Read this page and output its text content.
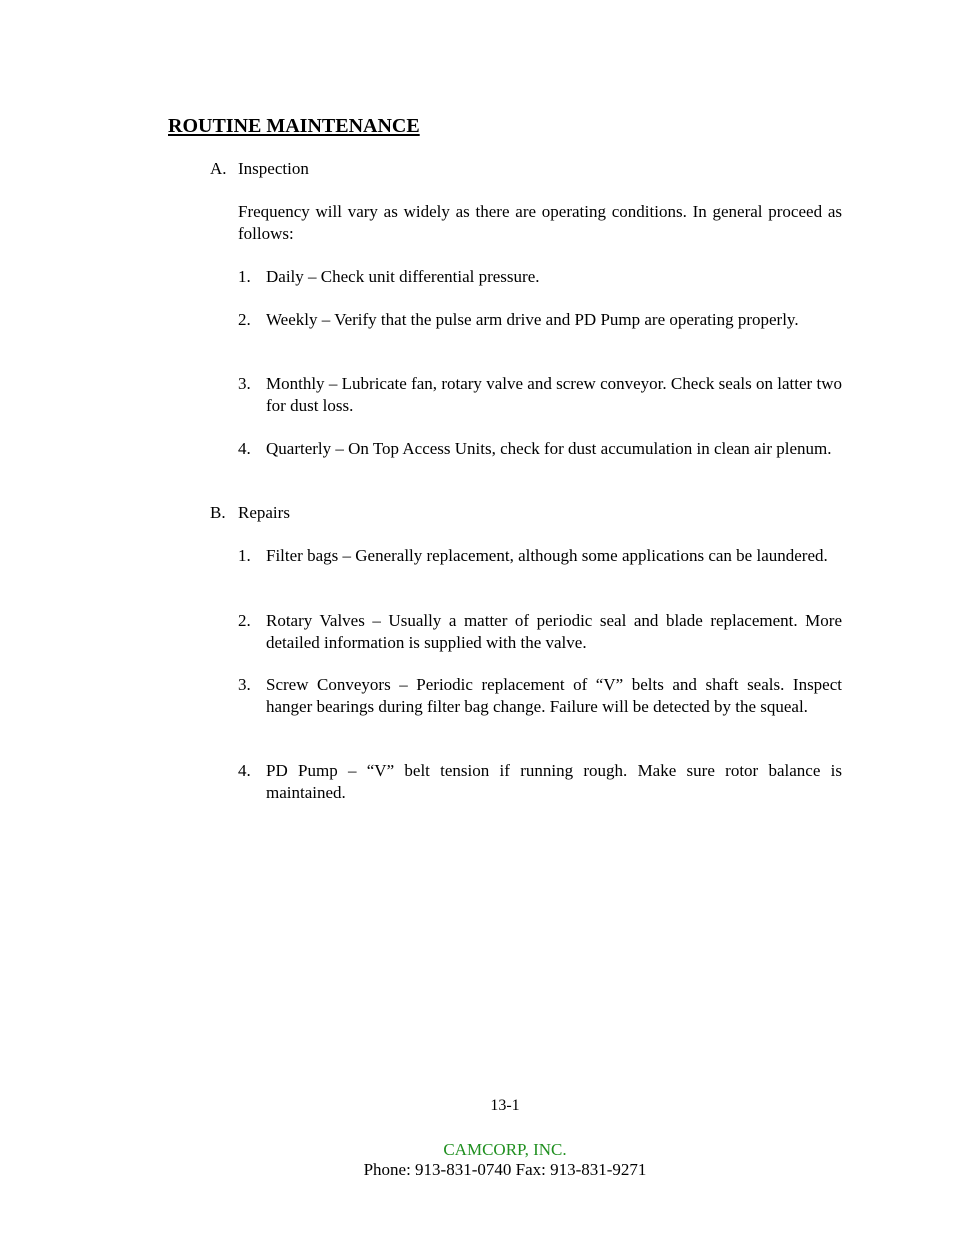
ROUTINE MAINTENANCE
A. Inspection
Frequency will vary as widely as there are operating conditions. In general proceed as follows:
1. Daily – Check unit differential pressure.
2. Weekly – Verify that the pulse arm drive and PD Pump are operating properly.
3. Monthly – Lubricate fan, rotary valve and screw conveyor. Check seals on latter two for dust loss.
4. Quarterly – On Top Access Units, check for dust accumulation in clean air plenum.
B. Repairs
1. Filter bags – Generally replacement, although some applications can be laundered.
2. Rotary Valves – Usually a matter of periodic seal and blade replacement. More detailed information is supplied with the valve.
3. Screw Conveyors – Periodic replacement of “V” belts and shaft seals. Inspect hanger bearings during filter bag change. Failure will be detected by the squeal.
4. PD Pump – “V” belt tension if running rough. Make sure rotor balance is maintained.
13-1
CAMCORP, INC.
Phone: 913-831-0740 Fax: 913-831-9271
